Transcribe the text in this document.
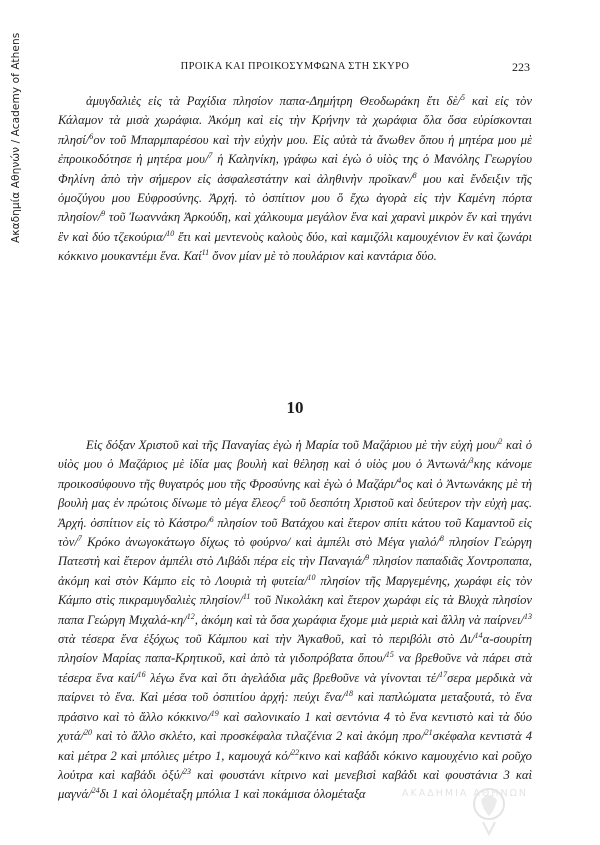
Ακαδημία Αθηνών / Academy of Athens	ΠΡΟΙΚΑ ΚΑΙ ΠΡΟΙΚΟΣΥΜΦΩΝΑ ΣΤΗ ΣΚΥΡΟ	223

ἀμυγδαλιὲς εἰς τὰ Ραχίδια πλησίον παπα-Δημήτρη Θεοδωράκη ἔτι δὲ/$^5$ καὶ εἰς τὸν Κάλαμον τὰ μισὰ χωράφια. Ἀκόμη καὶ εἰς τὴν Κρήνην τὰ χωράφια ὅλα ὅσα εὑρίσκονται πλησί/$^6$ον τοῦ Μπαρμπαρέσου καὶ τὴν εὐχὴν μου. Εἰς αὐτὰ τὰ ἄνωθεν ὅπου ἡ μητέρα μου μὲ ἐπροικοδότησε ἡ μητέρα μου/$^7$ ἡ Καληνίκη, γράφω καὶ ἐγὼ ὁ υἱὸς της ὁ Μανόλης Γεωργίου Φηλίνη ἀπὸ τὴν σήμερον εἰς ἀσφαλεστάτην καὶ ἀληθινὴν προῖκαν/$^8$ μου καὶ ἔνδειξιν τῆς ὁμοζύγου μου Εὐφροσύνης. Ἀρχή. τὸ ὀσπίτιον μου ὅ ἔχω ἀγορὰ εἰς τὴν Καμένη πόρτα πλησίον/$^9$ τοῦ Ἰωαννάκη Ἀρκούδη, καὶ χάλκουμα μεγάλον ἕνα καὶ χαρανὶ μικρὸν ἕν καὶ τηγάνι ἓν καὶ δύο τζεκούρια/$^{10}$ ἔτι καὶ μεντενοὺς καλοὺς δύο, καὶ καμιζόλι καμουχένιον ἓν καὶ ζωνάρι κόκκινο μουκαντέμι ἕνα. Καί$^{11}$ ὄνον μίαν μὲ τὸ πουλάριον καὶ καντάρια δύο.

10

Εἰς δόξαν Χριστοῦ καὶ τῆς Παναγίας ἐγὼ ἡ Μαρία τοῦ Μαζάριου μὲ τὴν εὐχὴ μου/$^2$ καὶ ὁ υἱὸς μου ὁ Μαζάριος μὲ ἰδία μας βουλὴ καὶ θέλησῃ καὶ ὁ υἱὸς μου ὁ Ἀντωνά/$^3$κης κάνομε προικοσύφουνο τῆς θυγατρός μου τῆς Φροσύνης καὶ ἐγὼ ὁ Μαζάρι/$^4$ος καὶ ὁ Ἀντωνάκης μὲ τὴ βουλὴ μας ἐν πρώτοις δίνωμε τὸ μέγα ἔλεος/$^5$ τοῦ δεσπότη Χριστοῦ καὶ δεύτερον τὴν εὐχὴ μας. Ἀρχή. ὀσπίτιον εἰς τὸ Κάστρο/$^6$ πλησίον τοῦ Βατάχου καὶ ἕτερον σπίτι κάτου τοῦ Καμαντοῦ εἰς τὸν/$^7$ Κρόκο ἀνωγοκάτωγο δίχως τὸ φούρνο/ καὶ ἀμπέλι στὸ Μέγα γιαλό/$^8$ πλησίον Γεώργη Πατεστὴ καὶ ἕτερον ἀμπέλι στὸ Λιβάδι πέρα εἰς τὴν Παναγιά/$^9$ πλησίον παπαδιᾶς Χοντροπαπα, ἀκόμη καὶ στὸν Κάμπο εἰς τὸ Λουριὰ τὴ φυτεία/$^{10}$ πλησίον τῆς Μαργεμένης, χωράφι εἰς τὸν Κάμπο στὶς πικραμυγδαλιὲς πλησίον/$^{11}$ τοῦ Νικολάκη καὶ ἕτερον χωράφι εἰς τὰ Βλυχὰ πλησίον παπα Γεώργη Μιχαλά-κη/$^{12}$, ἀκόμη καὶ τὰ ὅσα χωράφια ἔχομε μιὰ μεριὰ καὶ ἄλλη νὰ παίρνει/$^{13}$ στὰ τέσερα ἕνα ἐξόχως τοῦ Κάμπου καὶ τὴν Ἀγκαθοῦ, καὶ τὸ περιβόλι στὸ Δι/$^{14}$α-σουρίτη πλησίον Μαρίας παπα-Κρητικοῦ, καὶ ἀπὸ τὰ γιδοπρόβατα ὅπου/$^{15}$ να βρεθοῦνε νὰ πάρει στὰ τέσερα ἕνα καί/$^{16}$ λέγω ἕνα καὶ ὅτι ἀγελάδια μᾶς βρεθοῦνε νὰ γίνονται τέ/$^{17}$σερα μερδικὰ νὰ παίρνει τὸ ἕνα. Καὶ μέσα τοῦ ὀσπιτίου ἀρχή: πεύχι ἕνα/$^{18}$ καὶ παπλώματα μεταξουτά, τὸ ἕνα πράσινο καὶ τὸ ἄλλο κόκκινο/$^{19}$ καὶ σαλονικαίο 1 καὶ σεντόνια 4 τὸ ἕνα κεντιστὸ καὶ τὰ δύο χυτά/$^{20}$ καὶ τὸ ἄλλο σκλέτο, καὶ προσκέφαλα τιλαζένια 2 καὶ ἀκόμη προ/$^{21}$σκέφαλα κεντιστὰ 4 καὶ μέτρα 2 καὶ μπόλιες μέτρο 1, καμουχά κό/$^{22}$κινο καὶ καβάδι κόκινο καμουχένιο καὶ ροῦχο λούτρα καὶ καβάδι ὀξύ/$^{23}$ καὶ φουστάνι κίτρινο καὶ μενεβισὶ καβάδι καὶ φουστάνια 3 καὶ μαγνά/$^{24}$δι 1 καὶ ὁλομέταξη μπόλια 1 καὶ ποκάμισα ὁλομέταξα	ΑΚΑΔΗΜΙΑ ΑΘΗΝΩΝ
